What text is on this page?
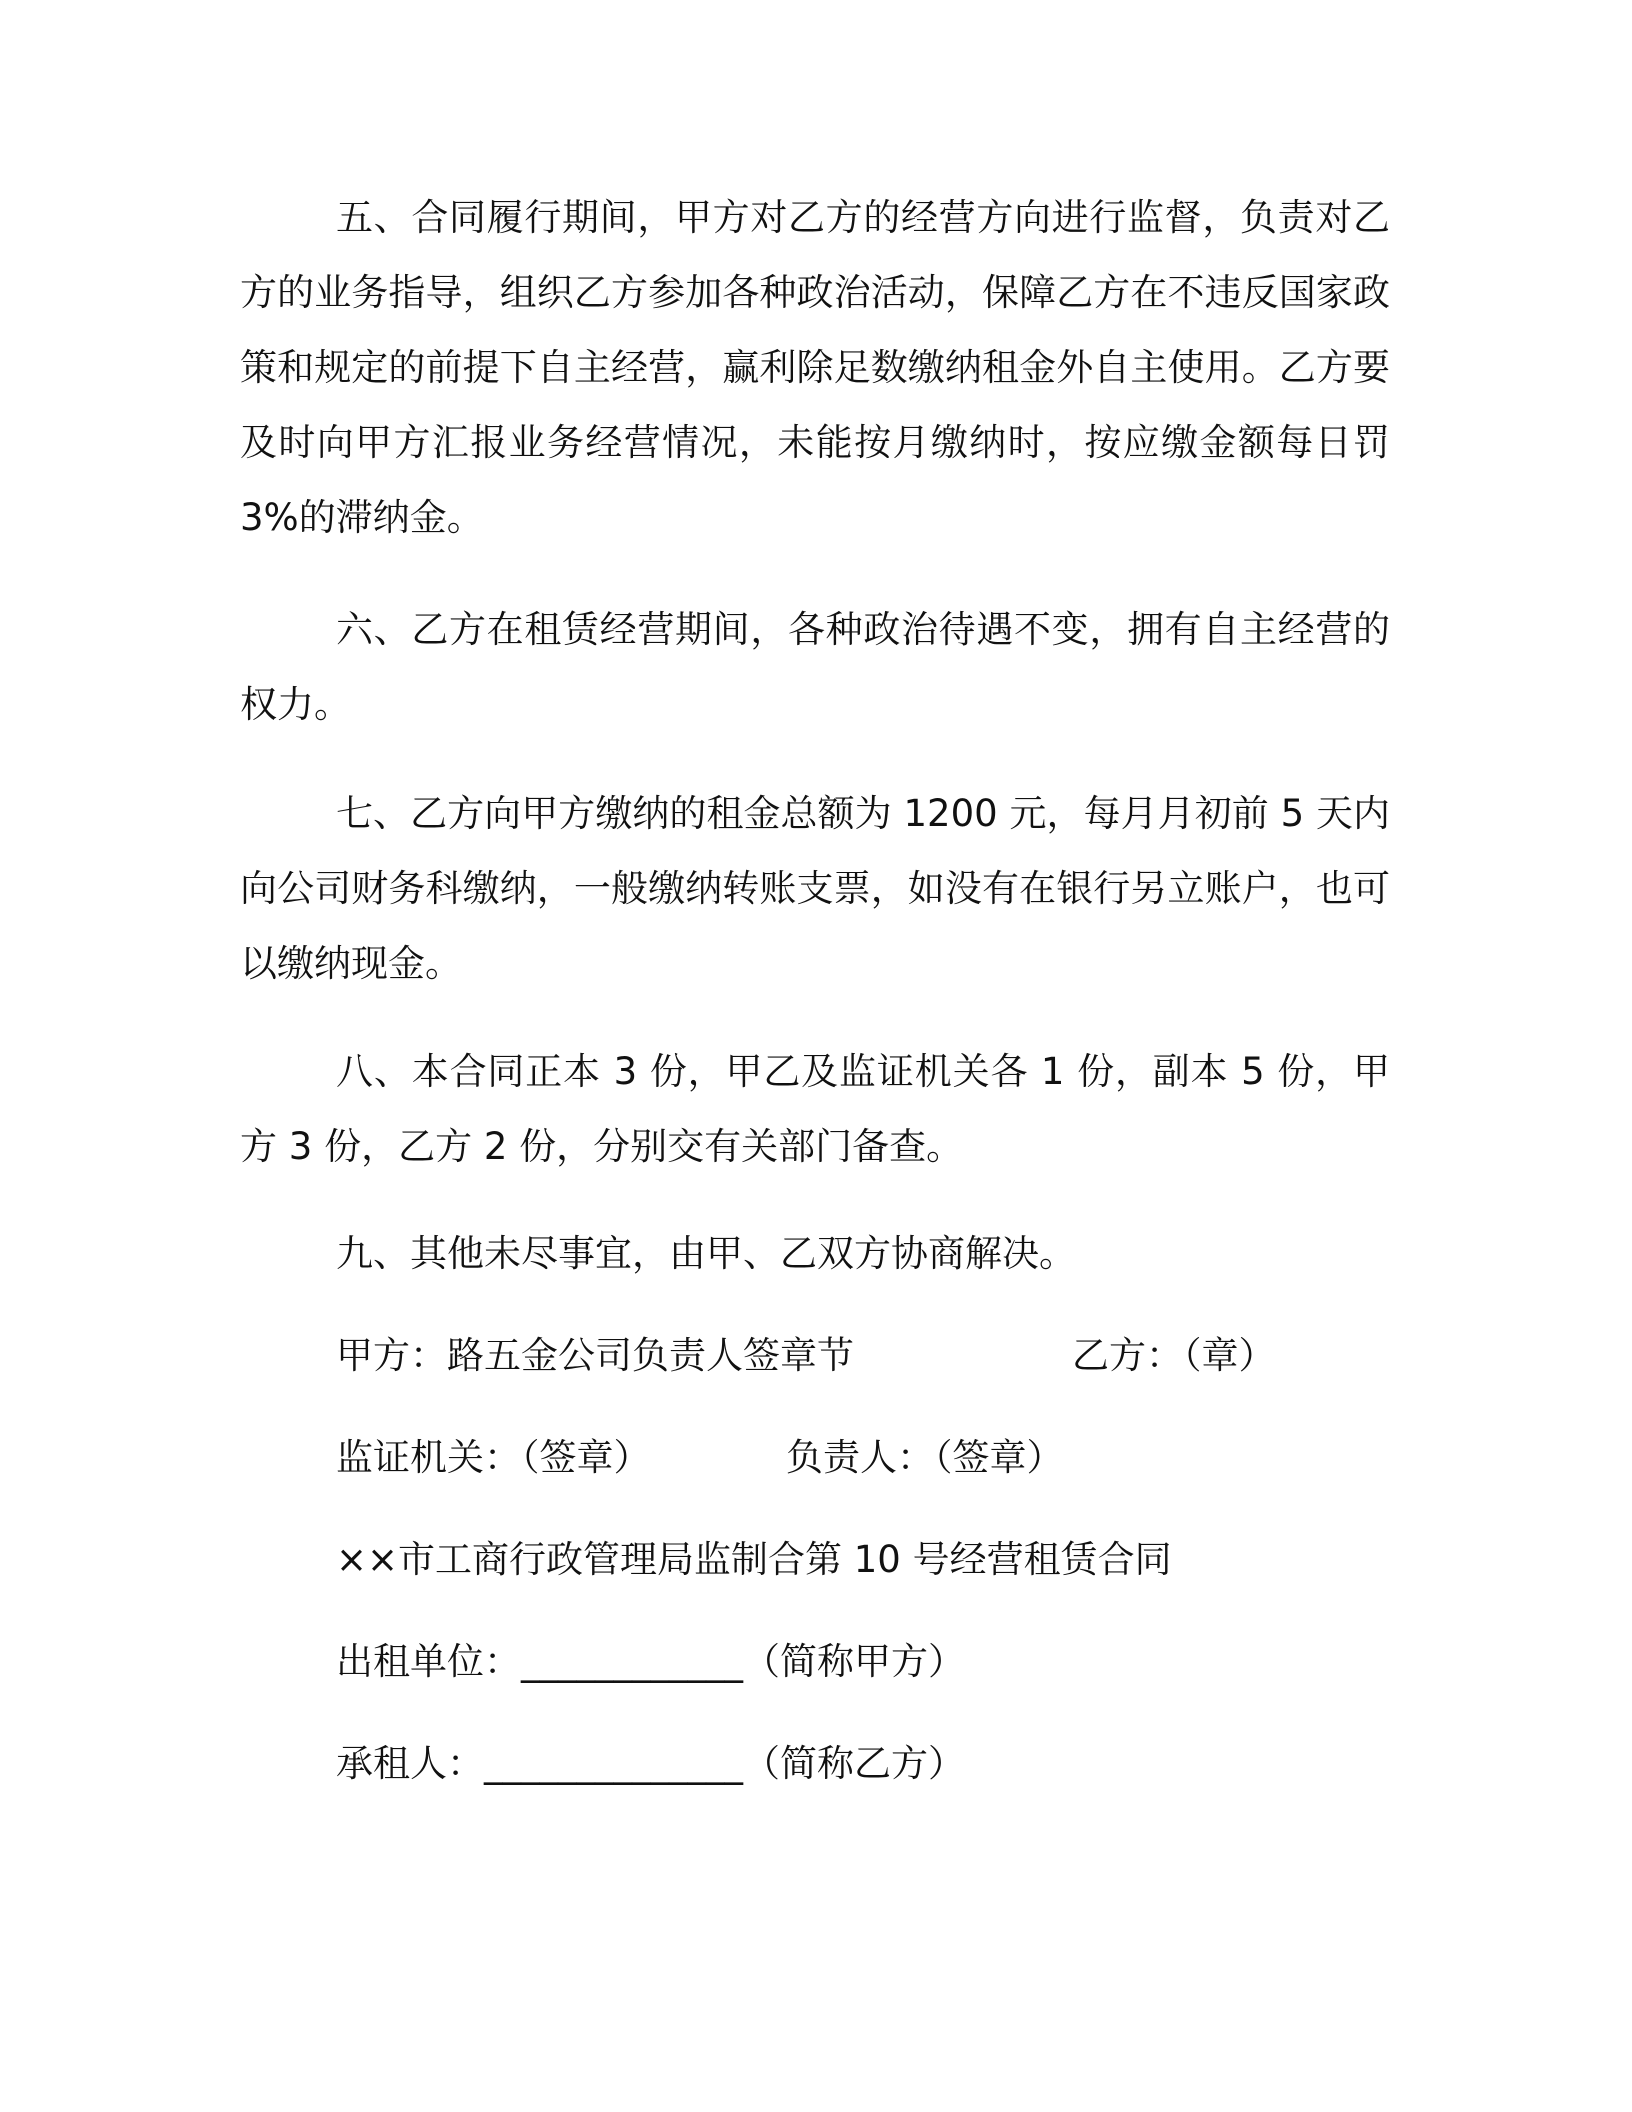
五、合同履行期间，甲方对乙方的经营方向进行监督，负责对乙方的业务指导，组织乙方参加各种政治活动，保障乙方在不违反国家政策和规定的前提下自主经营，赢利除足数缴纳租金外自主使用。乙方要及时向甲方汇报业务经营情况，未能按月缴纳时，按应缴金额每日罚 3%的滞纳金。

六、乙方在租赁经营期间，各种政治待遇不变，拥有自主经营的权力。

七、乙方向甲方缴纳的租金总额为 1200 元，每月月初前 5 天内向公司财务科缴纳，一般缴纳转账支票，如没有在银行另立账户，也可以缴纳现金。

八、本合同正本 3 份，甲乙及监证机关各 1 份，副本 5 份，甲方 3 份，乙方 2 份，分别交有关部门备查。

九、其他未尽事宜，由甲、乙双方协商解决。

甲方：路五金公司负责人签章节	乙方：（章）

监证机关：（签章）	负责人：（签章）

××市工商行政管理局监制合第 10 号经营租赁合同

出租单位：____________（简称甲方）

承租人：______________（简称乙方）
